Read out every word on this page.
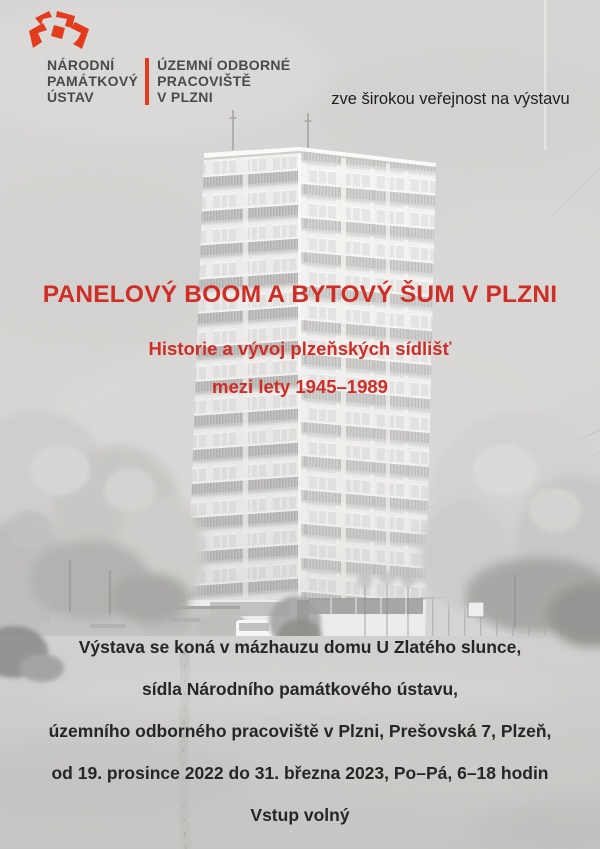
NÁRODNÍ
PAMÁTKOVÝ
ÚSTAV
ÚZEMNÍ ODBORNÉ
PRACOVIŠTĚ
V PLZNI	zve širokou veřejnost na výstavu
PANELOVÝ BOOM A BYTOVÝ ŠUM V PLZNI
Historie a vývoj plzeňských sídlišť
mezi lety 1945–1989
Výstava se koná v mázhauzu domu U Zlatého slunce,
sídla Národního památkového ústavu,
územního odborného pracoviště v Plzni, Prešovská 7, Plzeň,
od 19. prosince 2022 do 31. března 2023, Po–Pá, 6–18 hodin
Vstup volný
